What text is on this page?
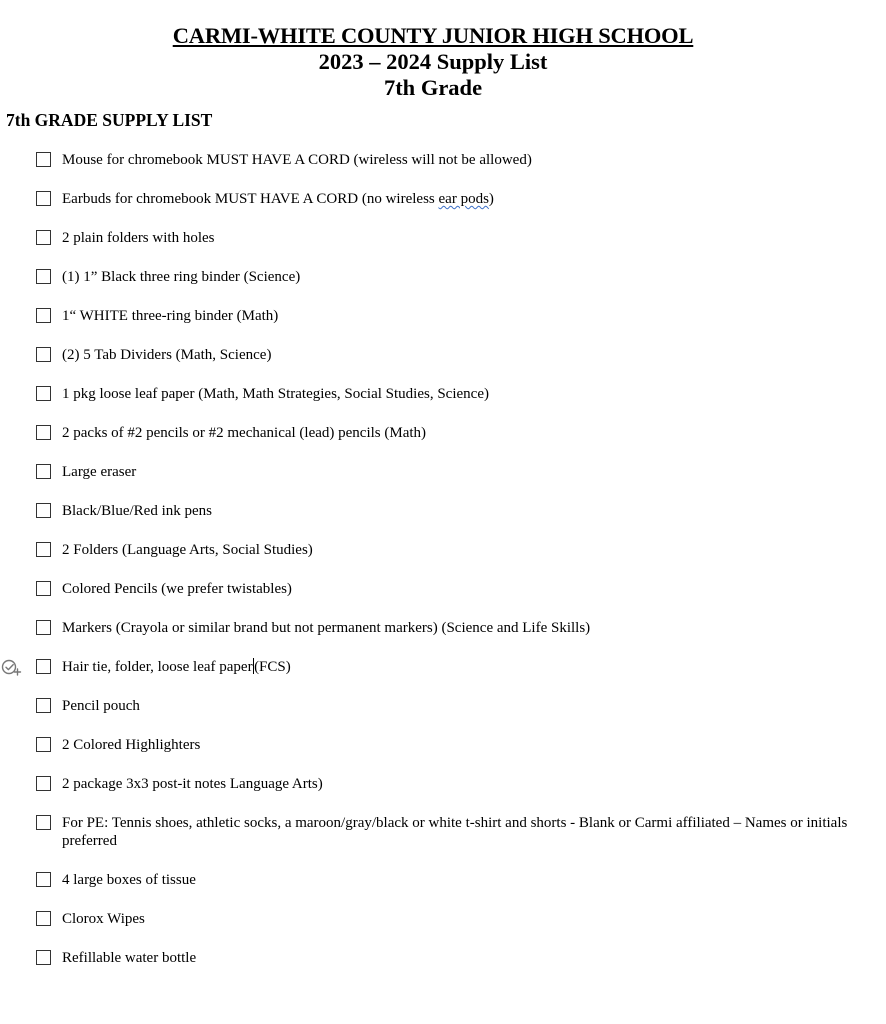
CARMI-WHITE COUNTY JUNIOR HIGH SCHOOL
2023 – 2024 Supply List
7th Grade
7th GRADE SUPPLY LIST
Mouse for chromebook MUST HAVE A CORD (wireless will not be allowed)
Earbuds for chromebook MUST HAVE A CORD (no wireless ear pods)
2 plain folders with holes
(1) 1” Black three ring binder (Science)
1“ WHITE three-ring binder (Math)
(2) 5 Tab Dividers (Math, Science)
1 pkg loose leaf paper (Math, Math Strategies, Social Studies, Science)
2 packs of #2 pencils or #2 mechanical (lead) pencils (Math)
Large eraser
Black/Blue/Red ink pens
2 Folders (Language Arts, Social Studies)
Colored Pencils (we prefer twistables)
Markers (Crayola or similar brand but not permanent markers) (Science and Life Skills)
Hair tie, folder, loose leaf paper (FCS)
Pencil pouch
2 Colored Highlighters
2 package 3x3 post-it notes Language Arts)
For PE: Tennis shoes, athletic socks, a maroon/gray/black or white t-shirt and shorts - Blank or Carmi affiliated – Names or initials preferred
4 large boxes of tissue
Clorox Wipes
Refillable water bottle
